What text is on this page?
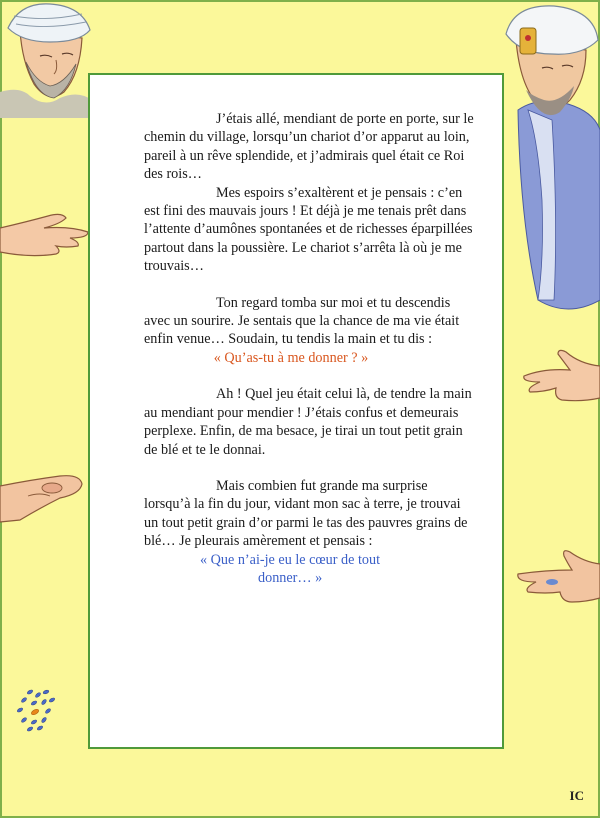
J’étais allé, mendiant de porte en porte, sur le chemin du village, lorsqu’un chariot d’or apparut au loin, pareil à un rêve splendide, et j’admirais quel était ce Roi des rois…

Mes espoirs s’exaltèrent et je pensais : c’en est fini des mauvais jours ! Et déjà je me tenais prêt dans l’attente d’aumônes spontanées et de richesses éparpillées partout dans la poussière. Le chariot s’arrêta là où je me trouvais…

Ton regard tomba sur moi et tu descendis avec un sourire. Je sentais que la chance de ma vie était enfin venue… Soudain, tu tendis la main et tu dis :

« Qu’as-tu à me donner ? »

Ah ! Quel jeu était celui là, de tendre la main au mendiant pour mendier ! J’étais confus et demeurais perplexe. Enfin, de ma besace, je tirai un tout petit grain de blé et te le donnai.

Mais combien fut grande ma surprise lorsqu’à la fin du jour, vidant mon sac à terre, je trouvai un tout petit grain d’or parmi le tas des pauvres grains de blé… Je pleurais amèrement et pensais :

« Que n’ai-je eu le cœur de tout
donner… »

IC
